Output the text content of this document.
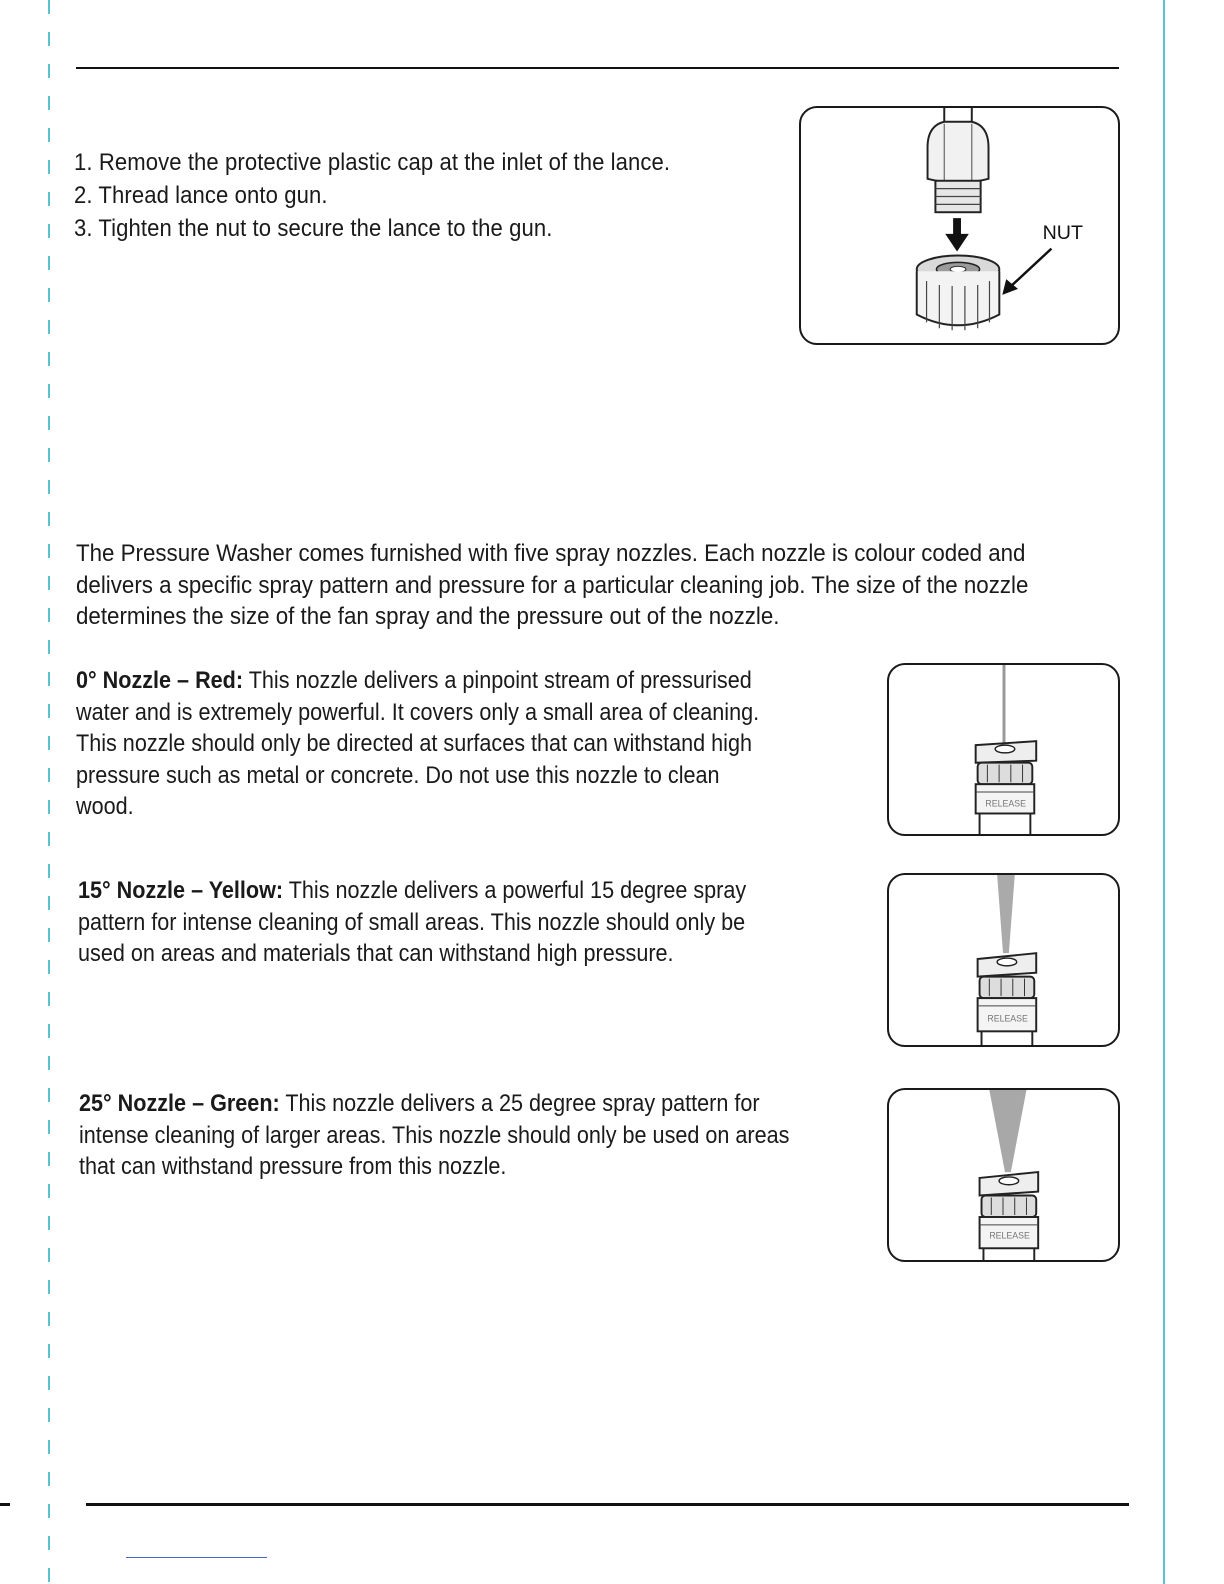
1. Remove the protective plastic cap at the inlet of the lance.
2. Thread lance onto gun.
3. Tighten the nut to secure the lance to the gun.	NUT

The Pressure Washer comes furnished with five spray nozzles. Each nozzle is colour coded and delivers a specific spray pattern and pressure for a particular cleaning job. The size of the nozzle determines the size of the fan spray and the pressure out of the nozzle.

0° Nozzle – Red: This nozzle delivers a pinpoint stream of pressurised water and is extremely powerful. It covers only a small area of cleaning. This nozzle should only be directed at surfaces that can withstand high pressure such as metal or concrete. Do not use this nozzle to clean wood.	RELEASE

15° Nozzle – Yellow: This nozzle delivers a powerful 15 degree spray pattern for intense cleaning of small areas. This nozzle should only be used on areas and materials that can withstand high pressure.

RELEASE

25° Nozzle – Green: This nozzle delivers a 25 degree spray pattern for intense cleaning of larger areas. This nozzle should only be used on areas that can withstand pressure from this nozzle.

RELEASE
